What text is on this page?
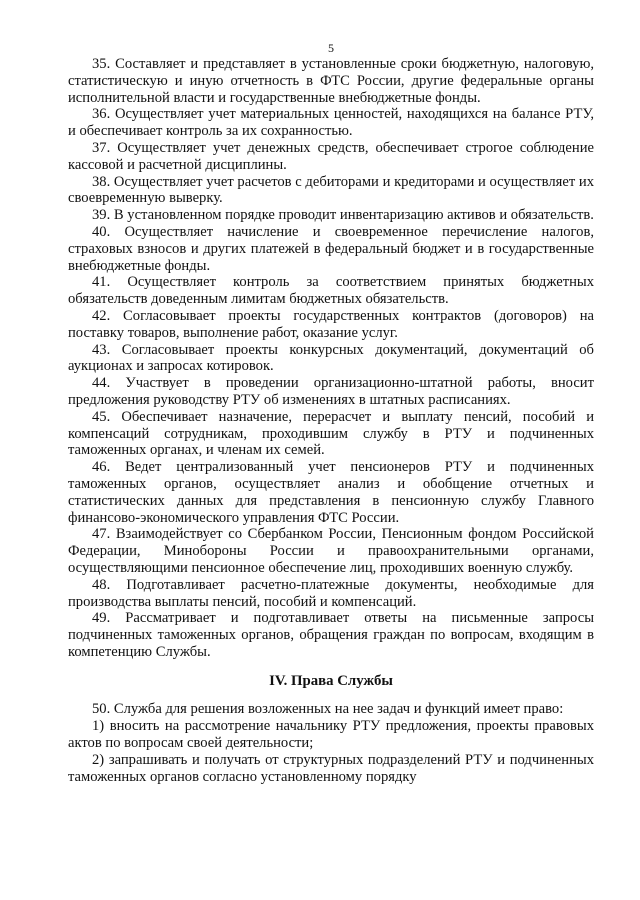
5

35. Составляет и представляет в установленные сроки бюджетную, налоговую, статистическую и иную отчетность в ФТС России, другие федеральные органы исполнительной власти и государственные внебюджетные фонды.

36. Осуществляет учет материальных ценностей, находящихся на балансе РТУ, и обеспечивает контроль за их сохранностью.

37. Осуществляет учет денежных средств, обеспечивает строгое соблюдение кассовой и расчетной дисциплины.

38. Осуществляет учет расчетов с дебиторами и кредиторами и осуществляет их своевременную выверку.

39. В установленном порядке проводит инвентаризацию активов и обязательств.

40. Осуществляет начисление и своевременное перечисление налогов, страховых взносов и других платежей в федеральный бюджет и в государственные внебюджетные фонды.

41. Осуществляет контроль за соответствием принятых бюджетных обязательств доведенным лимитам бюджетных обязательств.

42. Согласовывает проекты государственных контрактов (договоров) на поставку товаров, выполнение работ, оказание услуг.

43. Согласовывает проекты конкурсных документаций, документаций об аукционах и запросах котировок.

44. Участвует в проведении организационно-штатной работы, вносит предложения руководству РТУ об изменениях в штатных расписаниях.

45. Обеспечивает назначение, перерасчет и выплату пенсий, пособий и компенсаций сотрудникам, проходившим службу в РТУ и подчиненных таможенных органах, и членам их семей.

46. Ведет централизованный учет пенсионеров РТУ и подчиненных таможенных органов, осуществляет анализ и обобщение отчетных и статистических данных для представления в пенсионную службу Главного финансово-экономического управления ФТС России.

47. Взаимодействует со Сбербанком России, Пенсионным фондом Российской Федерации, Минобороны России и правоохранительными органами, осуществляющими пенсионное обеспечение лиц, проходивших военную службу.

48. Подготавливает расчетно-платежные документы, необходимые для производства выплаты пенсий, пособий и компенсаций.

49. Рассматривает и подготавливает ответы на письменные запросы подчиненных таможенных органов, обращения граждан по вопросам, входящим в компетенцию Службы.

IV. Права Службы

50. Служба для решения возложенных на нее задач и функций имеет право:

1) вносить на рассмотрение начальнику РТУ предложения, проекты правовых актов по вопросам своей деятельности;

2) запрашивать и получать от структурных подразделений РТУ и подчиненных таможенных органов согласно установленному порядку
